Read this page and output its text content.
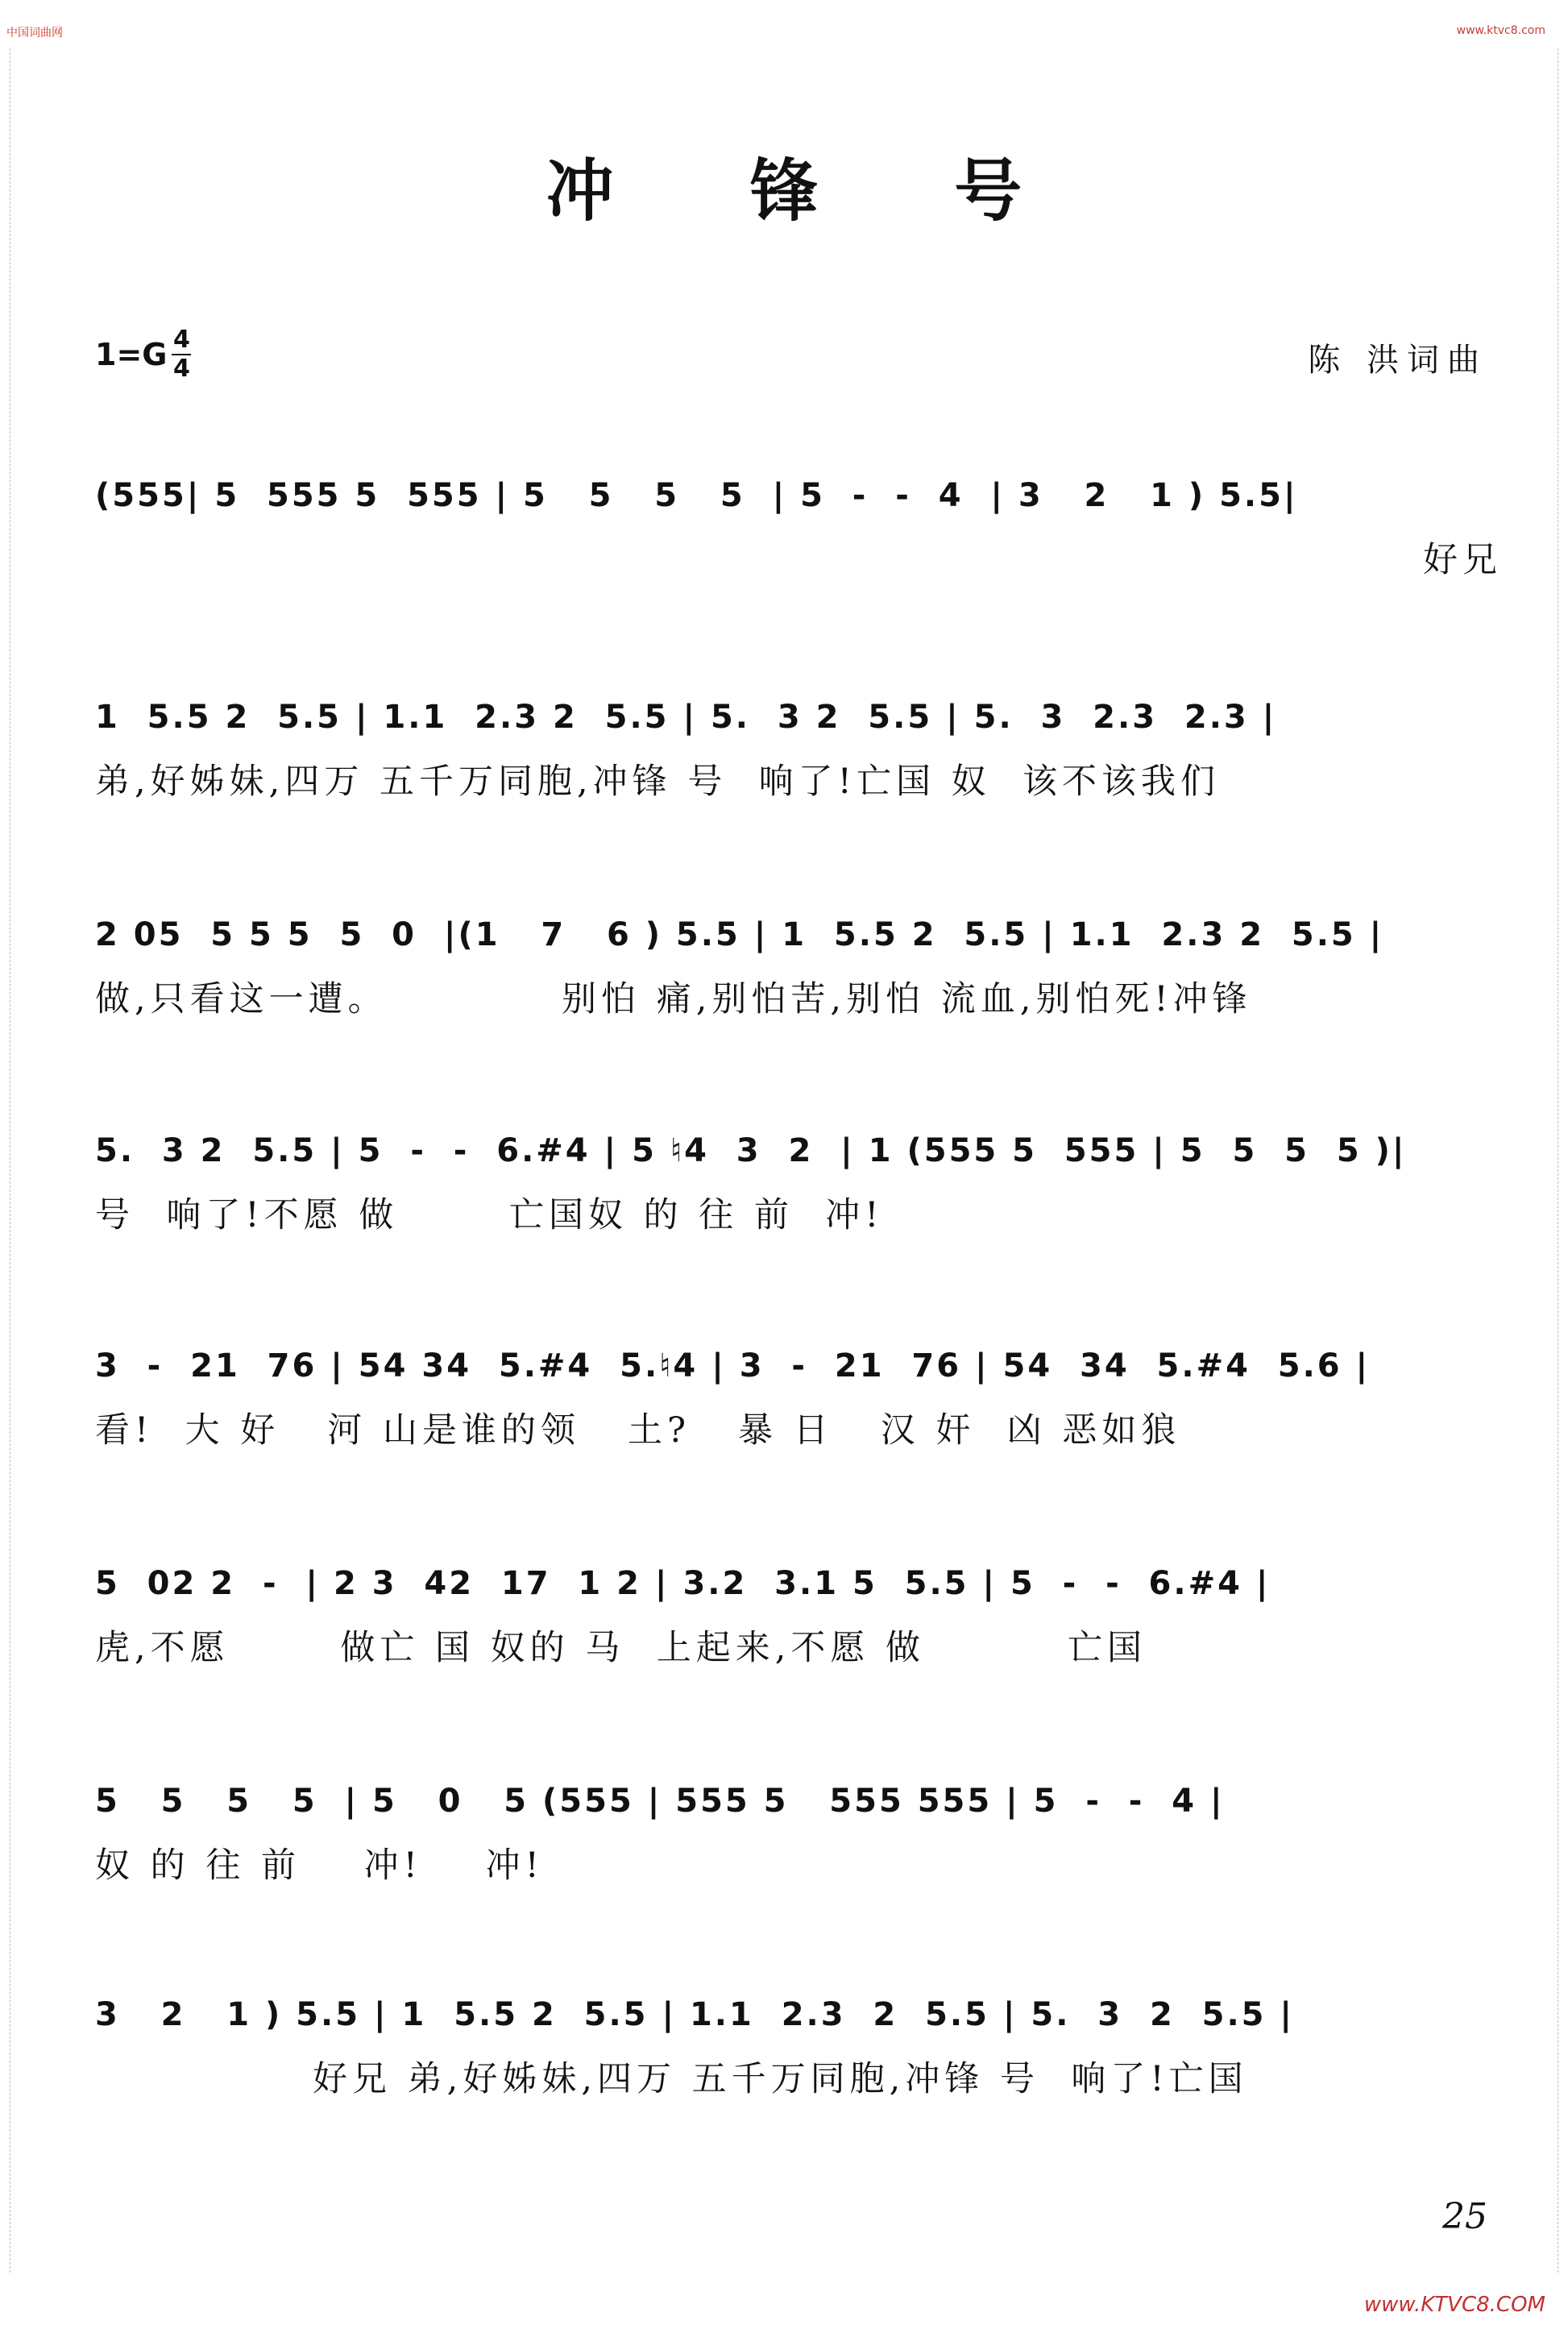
中国词曲网	www.ktvc8.com
冲 锋 号
$1=G \frac{4}{4}$	陈 洪词曲
(555| 5  555 5  555 | 5   5   5   5  | 5  -  -  4  | 3   2   1 ) 5.5|
好兄
1  5.5 2  5.5 | 1.1  2.3 2  5.5 | 5.  3 2  5.5 | 5.  3  2.3  2.3 |
弟,好姊妹,四万 五千万同胞,冲锋 号  响了!亡国 奴  该不该我们
2 05  5 5 5  5  0  |(1   7   6 ) 5.5 | 1  5.5 2  5.5 | 1.1  2.3 2  5.5 |
做,只看这一遭。           别怕 痛,别怕苦,别怕 流血,别怕死!冲锋
5.  3 2  5.5 | 5  -  -  6.#4 | 5 ♮4  3  2  | 1 (555 5  555 | 5  5  5  5 )|
号  响了!不愿 做       亡国奴 的 往 前  冲!
3  -  21  76 | 54 34  5.#4  5.♮4 | 3  -  21  76 | 54  34  5.#4  5.6 |
看!  大 好   河 山是谁的领   土?   暴 日   汉 奸  凶 恶如狼
5  02 2  -  | 2 3  42  17  1 2 | 3.2  3.1 5  5.5 | 5  -  -  6.#4 |
虎,不愿       做亡 国 奴的 马  上起来,不愿 做         亡国
5   5   5   5  | 5   0   5 (555 | 555 5   555 555 | 5  -  -  4 |
奴 的 往 前    冲!    冲!
3   2   1 ) 5.5 | 1  5.5 2  5.5 | 1.1  2.3  2  5.5 | 5.  3  2  5.5 |
好兄 弟,好姊妹,四万 五千万同胞,冲锋 号  响了!亡国
25
www.KTVC8.COM
